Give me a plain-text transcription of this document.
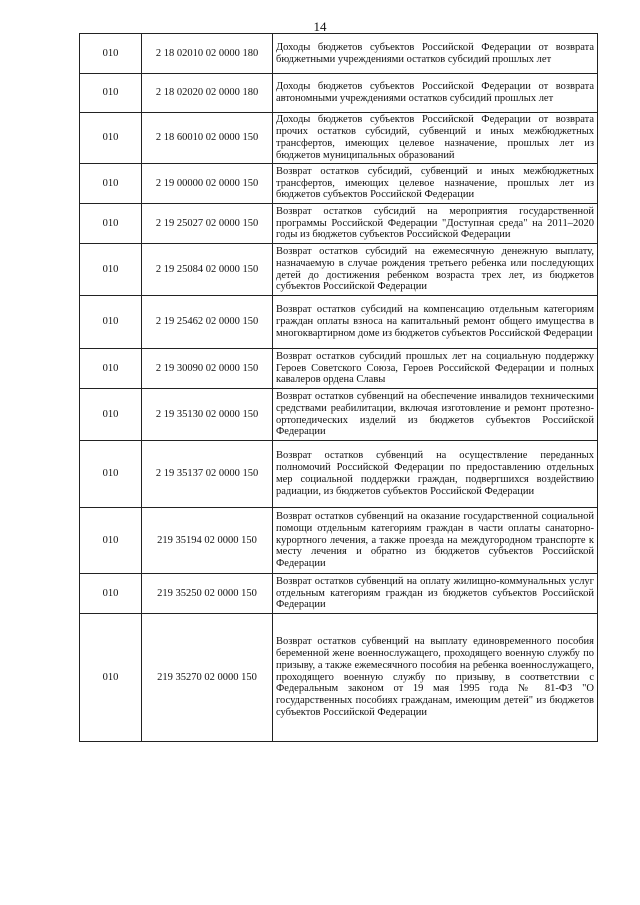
14
010	2 18 02010 02 0000 180	Доходы бюджетов субъектов Российской Федерации от возврата бюджетными учреждениями остатков субсидий прошлых лет
010	2 18 02020 02 0000 180	Доходы бюджетов субъектов Российской Федерации от возврата автономными учреждениями остатков субсидий прошлых лет
010	2 18 60010 02 0000 150	Доходы бюджетов субъектов Российской Федерации от возврата прочих остатков субсидий, субвенций и иных межбюджетных трансфертов, имеющих целевое назначение, прошлых лет из бюджетов муниципальных образований
010	2 19 00000 02 0000 150	Возврат остатков субсидий, субвенций и иных межбюджетных трансфертов, имеющих целевое назначение, прошлых лет из бюджетов субъектов Российской Федерации
010	2 19 25027 02 0000 150	Возврат остатков субсидий на мероприятия государственной программы Российской Федерации "Доступная среда" на 2011–2020 годы из бюджетов субъектов Российской Федерации
010	2 19 25084 02 0000 150	Возврат остатков субсидий на ежемесячную денежную выплату, назначаемую в случае рождения третьего ребенка или последующих детей до достижения ребенком возраста трех лет, из бюджетов субъектов Российской Федерации
010	2 19 25462 02 0000 150	Возврат остатков субсидий на компенсацию отдельным категориям граждан оплаты взноса на капитальный ремонт общего имущества в многоквартирном доме из бюджетов субъектов Российской Федерации
010	2 19 30090 02 0000 150	Возврат остатков субсидий прошлых лет на социальную поддержку Героев Советского Союза, Героев Российской Федерации и полных кавалеров ордена Славы
010	2 19 35130 02 0000 150	Возврат остатков субвенций на обеспечение инвалидов техническими средствами реабилитации, включая изготовление и ремонт протезно-ортопедических изделий из бюджетов субъектов Российской Федерации
010	2 19 35137 02 0000 150	Возврат остатков субвенций на осуществление переданных полномочий Российской Федерации по предоставлению отдельных мер социальной поддержки граждан, подвергшихся воздействию радиации, из бюджетов субъектов Российской Федерации
010	219 35194 02 0000 150	Возврат остатков субвенций на оказание государственной социальной помощи отдельным категориям граждан в части оплаты санаторно-курортного лечения, а также проезда на междугородном транспорте к месту лечения и обратно из бюджетов субъектов Российской Федерации
010	219 35250 02 0000 150	Возврат остатков субвенций на оплату жилищно-коммунальных услуг отдельным категориям граждан из бюджетов субъектов Российской Федерации
010	219 35270 02 0000 150	Возврат остатков субвенций на выплату единовременного пособия беременной жене военнослужащего, проходящего военную службу по призыву, а также ежемесячного пособия на ребенка военнослужащего, проходящего военную службу по призыву, в соответствии с Федеральным законом от 19 мая 1995 года № 81-ФЗ "О государственных пособиях гражданам, имеющим детей" из бюджетов субъектов Российской Федерации
